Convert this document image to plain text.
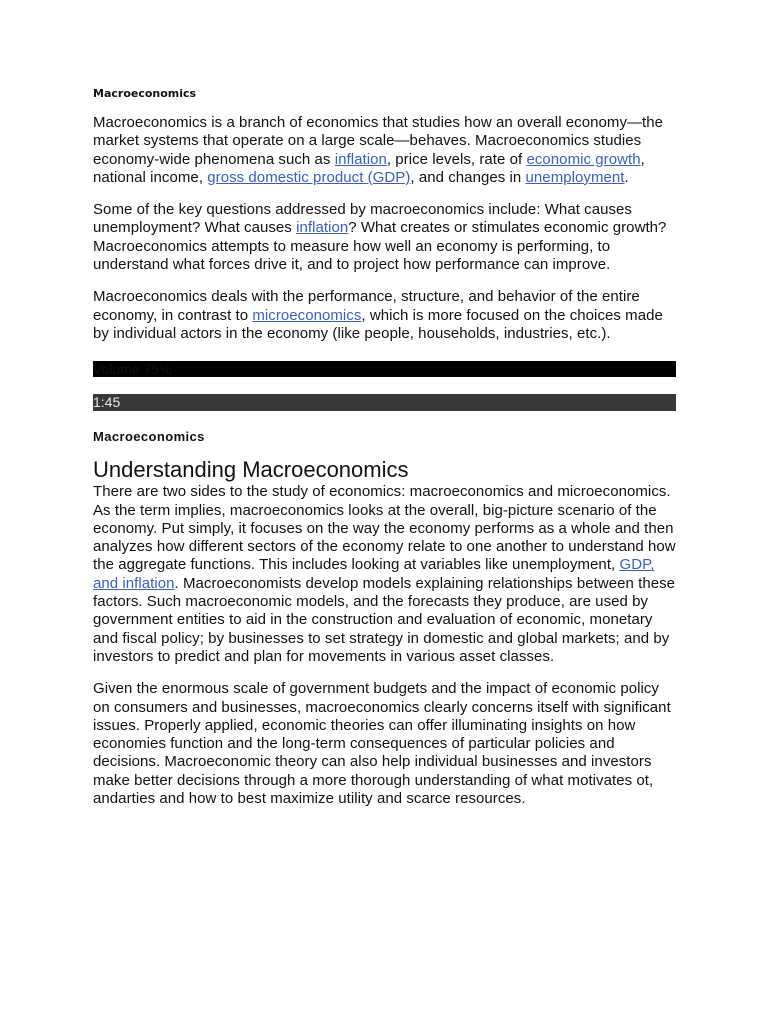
Macroeconomics

Macroeconomics is a branch of economics that studies how an overall economy—the market systems that operate on a large scale—behaves. Macroeconomics studies economy-wide phenomena such as inflation, price levels, rate of economic growth, national income, gross domestic product (GDP), and changes in unemployment.

Some of the key questions addressed by macroeconomics include: What causes unemployment? What causes inflation? What creates or stimulates economic growth? Macroeconomics attempts to measure how well an economy is performing, to understand what forces drive it, and to project how performance can improve.

Macroeconomics deals with the performance, structure, and behavior of the entire economy, in contrast to microeconomics, which is more focused on the choices made by individual actors in the economy (like people, households, industries, etc.).

Volume 75%
1:45
Macroeconomics
Understanding Macroeconomics

There are two sides to the study of economics: macroeconomics and microeconomics. As the term implies, macroeconomics looks at the overall, big-picture scenario of the economy. Put simply, it focuses on the way the economy performs as a whole and then analyzes how different sectors of the economy relate to one another to understand how the aggregate functions. This includes looking at variables like unemployment, GDP, and inflation. Macroeconomists develop models explaining relationships between these factors. Such macroeconomic models, and the forecasts they produce, are used by government entities to aid in the construction and evaluation of economic, monetary and fiscal policy; by businesses to set strategy in domestic and global markets; and by investors to predict and plan for movements in various asset classes.

Given the enormous scale of government budgets and the impact of economic policy on consumers and businesses, macroeconomics clearly concerns itself with significant issues. Properly applied, economic theories can offer illuminating insights on how economies function and the long-term consequences of particular policies and decisions. Macroeconomic theory can also help individual businesses and investors make better decisions through a more thorough understanding of what motivates ot, andarties and how to best maximize utility and scarce resources.
